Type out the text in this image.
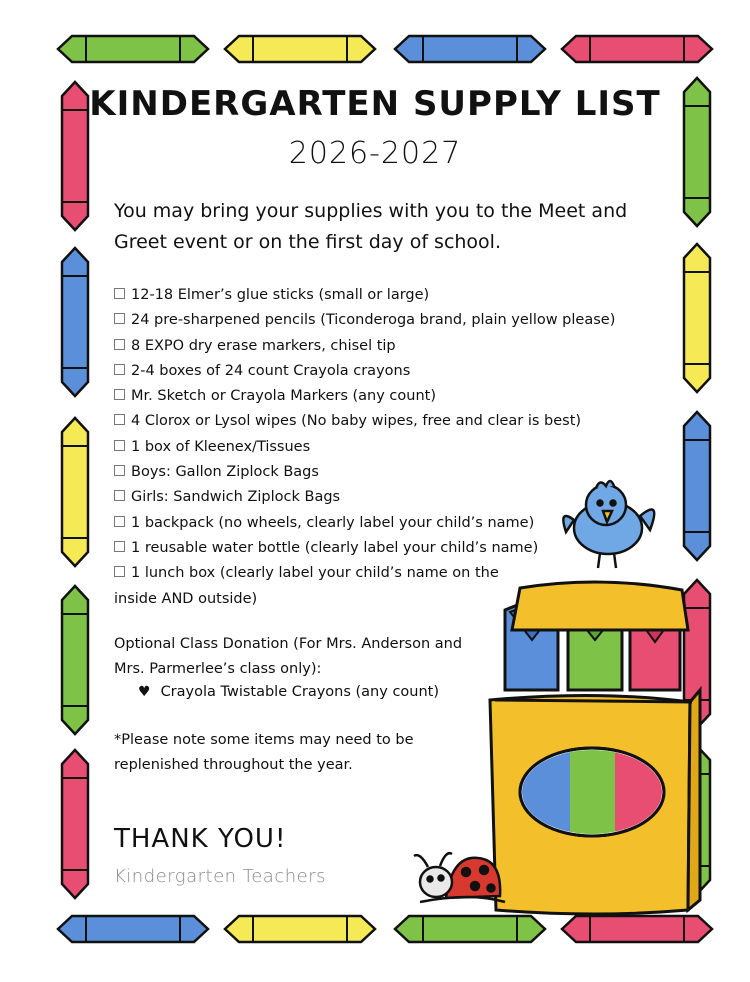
KINDERGARTEN SUPPLY LIST
2026-2027
You may bring your supplies with you to the Meet and Greet event or on the first day of school.
12-18 Elmer’s glue sticks (small or large)
24 pre-sharpened pencils (Ticonderoga brand, plain yellow please)
8 EXPO dry erase markers, chisel tip
2-4 boxes of 24 count Crayola crayons
Mr. Sketch or Crayola Markers (any count)
4 Clorox or Lysol wipes (No baby wipes, free and clear is best)
1 box of Kleenex/Tissues
Boys: Gallon Ziplock Bags
Girls: Sandwich Ziplock Bags
1 backpack (no wheels, clearly label your child’s name)
1 reusable water bottle (clearly label your child’s name)
1 lunch box (clearly label your child’s name on the inside AND outside)
Optional Class Donation (For Mrs. Anderson and Mrs. Parmerlee’s class only):
♥ Crayola Twistable Crayons (any count)
*Please note some items may need to be replenished throughout the year.
THANK YOU!
Kindergarten Teachers
